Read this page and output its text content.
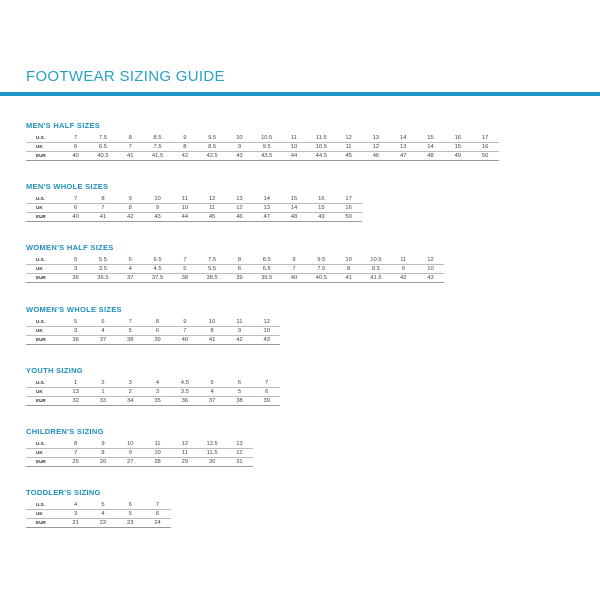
FOOTWEAR SIZING GUIDE
MEN'S HALF SIZES
U.S.	7	7.5	8	8.5	9	9.5	10	10.5	11	11.5	12	13	14	15	16	17
UK	6	6.5	7	7.5	8	8.5	9	9.5	10	10.5	11	12	13	14	15	16
EUR	40	40.5	41	41.5	42	42.5	43	43.5	44	44.5	45	46	47	48	49	50
MEN'S WHOLE SIZES
U.S.	7	8	9	10	11	12	13	14	15	16	17
UK	6	7	8	9	10	11	12	13	14	15	16
EUR	40	41	42	43	44	45	46	47	48	49	50
WOMEN'S HALF SIZES
U.S.	5	5.5	6	6.5	7	7.5	8	8.5	9	9.5	10	10.5	11	12
UK	3	3.5	4	4.5	5	5.5	6	6.5	7	7.5	8	8.5	9	10
EUR	36	36.5	37	37.5	38	38.5	39	39.5	40	40.5	41	41.5	42	43
WOMEN'S WHOLE SIZES
U.S.	5	6	7	8	9	10	11	12
UK	3	4	5	6	7	8	9	10
EUR	36	37	38	39	40	41	42	43
YOUTH SIZING
U.S.	1	2	3	4	4.5	5	6	7
UK	13	1	2	3	3.5	4	5	6
EUR	32	33	34	35	36	37	38	39
CHILDREN'S SIZING
U.S.	8	9	10	11	12	12.5	13
UK	7	8	9	10	11	11.5	12
EUR	25	26	27	28	29	30	31
TODDLER'S SIZING
U.S.	4	5	6	7
UK	3	4	5	6
EUR	21	22	23	24
